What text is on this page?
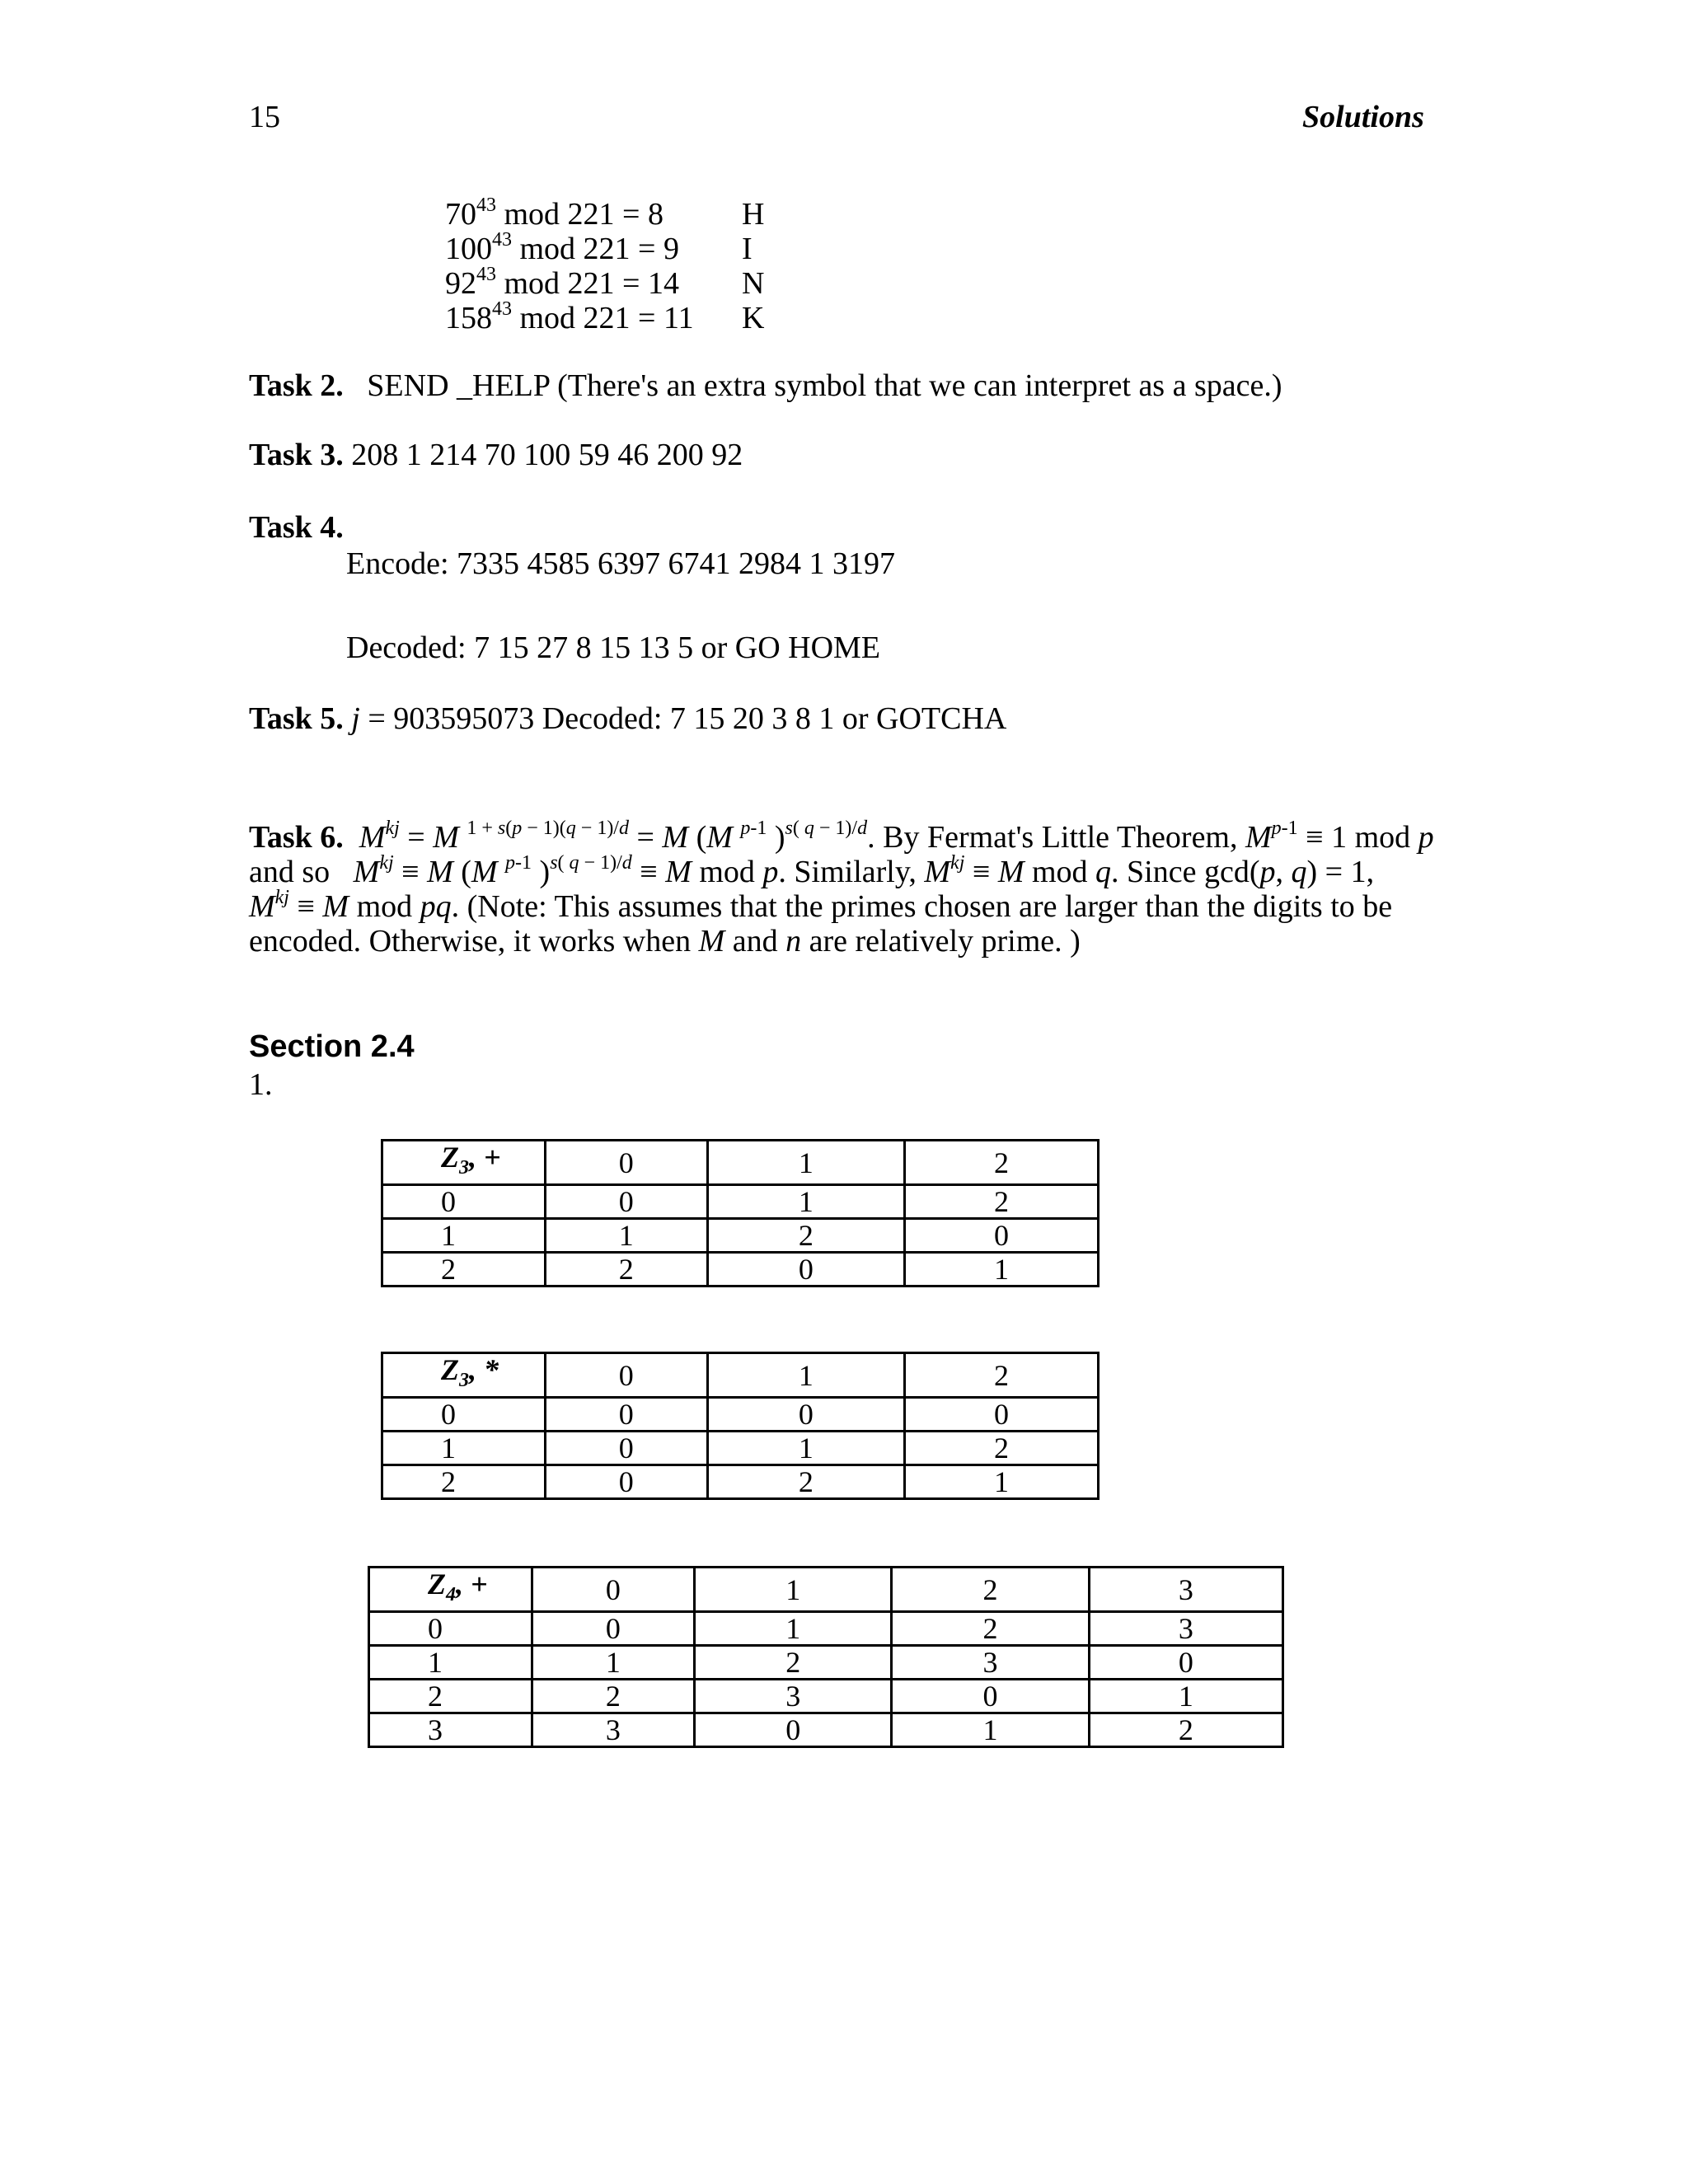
15	Solutions
$70^{43}$ mod 221 = 8	H
$100^{43}$ mod 221 = 9 I
$92^{43}$ mod 221 = 14 N
$158^{43}$ mod 221 = 11 K
Task 2. SEND _HELP (There's an extra symbol that we can interpret as a space.)
Task 3. 208 1 214 70 100 59 46 200 92
Task 4.
Encode: 7335 4585 6397 6741 2984 1 3197
Decoded: 7 15 27 8 15 13 5 or GO HOME
Task 5. j = 903595073 Decoded: 7 15 20 3 8 1 or GOTCHA
Task 6. $M^{kj} = M$ $^{1 + s(p - 1)(q - 1)/d}$ = M (M $^{p-1}$ )$^{s( q - 1)/d}$. By Fermat's Little Theorem, $M^{p-1} \equiv 1$ mod p
and so   $M^{kj} \equiv M$ (M $^{p-1}$ )$^{s( q - 1)/d}$ ≡ M mod p. Similarly, $M^{kj} \equiv M$ mod q. Since gcd(p, q) = 1,
$M^{kj} \equiv M$ mod pq. (Note: This assumes that the primes chosen are larger than the digits to be
encoded. Otherwise, it works when M and n are relatively prime. )
Section 2.4
1.
$Z_3$, +	0	1	2
0	0	1	2
1	1	2	0
2	2	0	1
$Z_3$, *	0	1	2
0	0	0	0
1	0	1	2
2	0	2	1
$Z_4$, +	0	1	2	3
0	0	1	2	3
1	1	2	3	0
2	2	3	0	1
3	3	0	1	2
